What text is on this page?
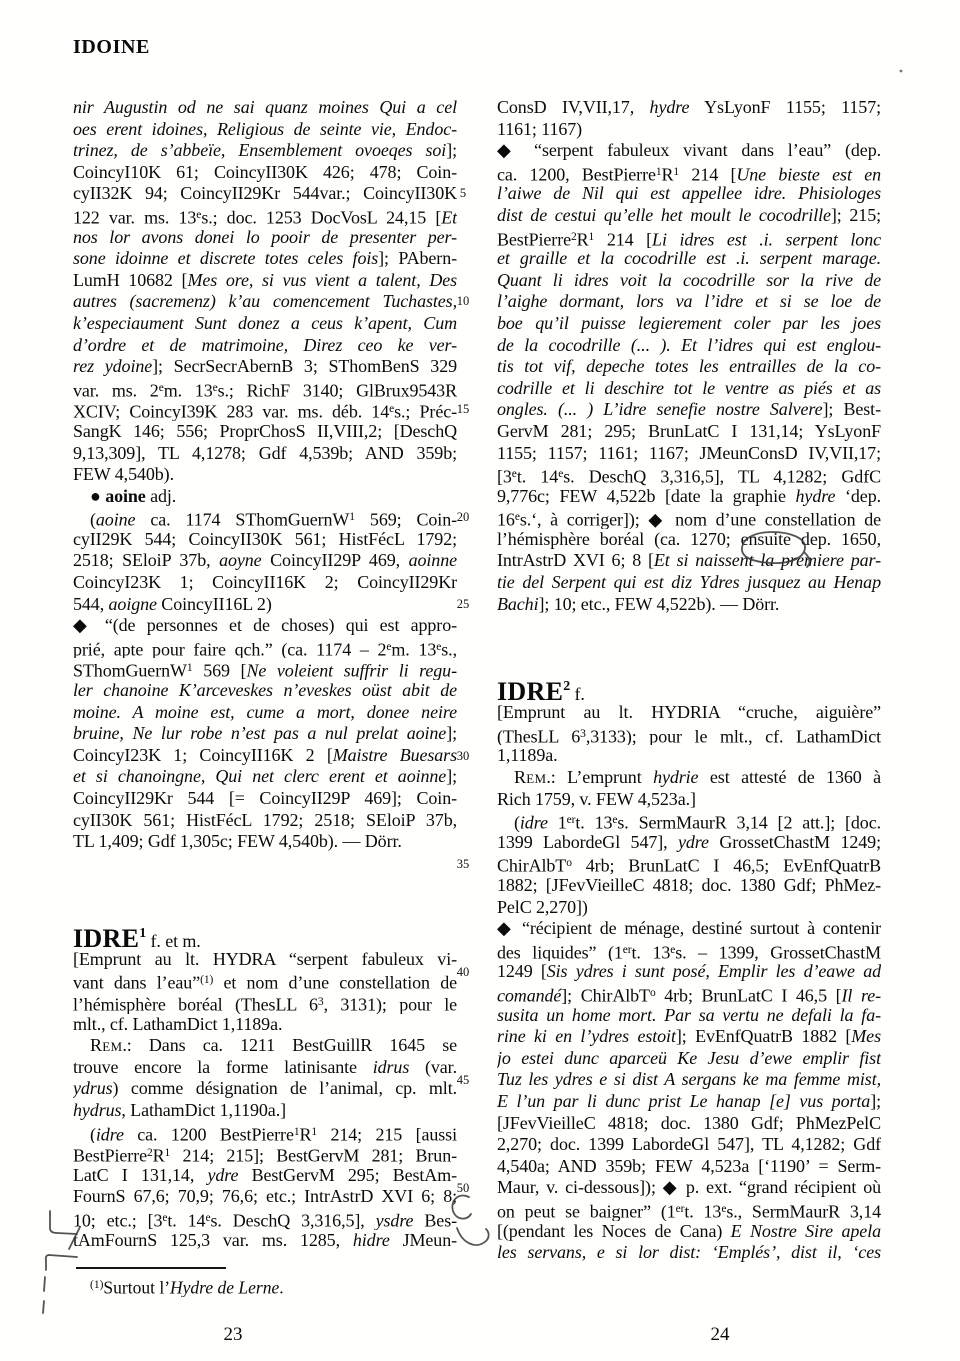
IDOINE
nir Augustin od ne sai quanz moines Qui a cel
oes erent idoines, Religious de seinte vie, Endoc-
trinez, de s’abbeïe, Ensemblement ovoeqes soi];
CoincyI10K 61; CoincyII30K 426; 478; Coin-
cyII32K 94; CoincyII29Kr 544var.; CoincyII30K
122 var. ms. 13es.; doc. 1253 DocVosL 24,15 [Et
nos lor avons donei lo pooir de presenter per-
sone idoinne et discrete totes celes fois]; PAbern-
LumH 10682 [Mes ore, si vus vient a talent, Des
autres (sacremenz) k’au comencement Tuchastes,
k’especiaument Sunt donez a ceus k’apent, Cum
d’ordre et de matrimoine, Direz ceo ke ver-
rez ydoine]; SecrSecrAbernB 3; SThomBenS 329
var. ms. 2em. 13es.; RichF 3140; GlBrux9543R
XCIV; CoincyI39K 283 var. ms. déb. 14es.; Préc-
SangK 146; 556; ProprChosS II,VIII,2; [DeschQ
9,13,309], TL 4,1278; Gdf 4,539b; AND 359b;
FEW 4,540b).
● aoine adj.
(aoine ca. 1174 SThomGuernW$^1$ 569; Coin-
cyII29K 544; CoincyII30K 561; HistFécL 1792;
2518; SEloiP 37b, aoyne CoincyII29P 469, aoinne
CoincyI23K 1; CoincyII16K 2; CoincyII29Kr
544, aoigne CoincyII16L 2)
◆ “(de personnes et de choses) qui est appro-
prié, apte pour faire qch.” (ca. 1174 – 2em. 13es.,
SThomGuernW$^1$ 569 [Ne voleient suffrir li regu-
ler chanoine K’arceveskes n’eveskes oüst abit de
moine. A moine est, cume a mort, donee neire
bruine, Ne lur robe n’est pas a nul prelat aoine];
CoincyI23K 1; CoincyII16K 2 [Maistre Buesars
et si chanoingne, Qui net clerc erent et aoinne];
CoincyII29Kr 544 [= CoincyII29P 469]; Coin-
cyII30K 561; HistFécL 1792; 2518; SEloiP 37b,
TL 1,409; Gdf 1,305c; FEW 4,540b). — Dörr.
IDRE$^1$ f. et m.
[Emprunt au lt. HYDRA “serpent fabuleux vi-
vant dans l’eau”$^{(1)}$ et nom d’une constellation de
l’hémisphère boréal (ThesLL $6^3$, 3131); pour le
mlt., cf. LathamDict 1,1189a.
Rem.: Dans ca. 1211 BestGuillR 1645 se
trouve encore la forme latinisante idrus (var.
ydrus) comme désignation de l’animal, cp. mlt.
hydrus, LathamDict 1,1190a.]
(idre ca. 1200 $BestPierre^1R^1$ 214; 215 [aussi
$BestPierre^2R^1$ 214; 215]; BestGervM 281; Brun-
LatC I 131,14, ydre BestGervM 295; BestAm-
FournS 67,6; 70,9; 76,6; etc.; IntrAstrD XVI 6; 8;
10; etc.; [3et. 14es. DeschQ 3,316,5], ysdre Bes-
tAmFournS 125,3 var. ms. 1285, hidre JMeun-
ConsD IV,VII,17, hydre YsLyonF 1155; 1157;
1161; 1167)
◆ “serpent fabuleux vivant dans l’eau” (dep.
ca. 1200, $BestPierre^1R^1$ 214 [Une bieste est en
l’aiwe de Nil qui est appellee idre. Phisiologes
dist de cestui qu’elle het moult le cocodrille]; 215;
$BestPierre^2R^1$ 214 [Li idres est .i. serpent lonc
et graille et la cocodrille est .i. serpent marage.
Quant li idres voit la cocodrille sor la rive de
l’aighe dormant, lors va l’idre et si se loe de
boe qu’il puisse legierement coler par les joes
de la cocodrille (... ). Et l’idres qui est englou-
tis tot vif, depeche totes les entrailles de la co-
codrille et li deschire tot le ventre as piés et as
ongles. (... ) L’idre senefie nostre Salvere]; Best-
GervM 281; 295; BrunLatC I 131,14; YsLyonF
1155; 1157; 1161; 1167; JMeunConsD IV,VII,17;
[3et. 14es. DeschQ 3,316,5], TL 4,1282; GdfC
9,776c; FEW 4,522b [date la graphie hydre ‘dep.
16es.‘, à corriger]); ◆ nom d’une constellation de
l’hémisphère boréal (ca. 1270; ensuite dep. 1650,
IntrAstrD XVI 6; 8 [Et si naissent la premiere par-
tie del Serpent qui est diz Ydres jusquez au Henap
Bachi]; 10; etc., FEW 4,522b). — Dörr.
IDRE$^2$ f.
[Emprunt au lt. HYDRIA “cruche, aiguière”
(ThesLL $6^3,3133$); pour le mlt., cf. LathamDict
1,1189a.
Rem.: L’emprunt hydrie est attesté de 1360 à
Rich 1759, v. FEW 4,523a.]
(idre 1ert. 13es. SermMaurR 3,14 [2 att.]; [doc.
1399 LabordeGl 547], ydre GrossetChastM 1249;
ChirAlbT$^o$ 4rb; BrunLatC I 46,5; EvEnfQuatrB
1882; [JFevVieilleC 4818; doc. 1380 Gdf; PhMez-
PelC 2,270])
◆ “récipient de ménage, destiné surtout à contenir
des liquides” (1ert. 13es. – 1399, GrossetChastM
1249 [Sis ydres i sunt posé, Emplir les d’eawe ad
comandé]; ChirAlbT$^o$ 4rb; BrunLatC I 46,5 [Il re-
susita un home mort. Par sa vertu ne defali la fa-
rine ki en l’ydres estoit]; EvEnfQuatrB 1882 [Mes
jo estei dunc aparceü Ke Jesu d’ewe emplir fist
Tuz les ydres e si dist A sergans ke ma femme mist,
E l’un par li dunc prist Le hanap [e] vus porta];
[JFevVieilleC 4818; doc. 1380 Gdf; PhMezPelC
2,270; doc. 1399 LabordeGl 547], TL 4,1282; Gdf
4,540a; AND 359b; FEW 4,523a [‘1190’ = Serm-
Maur, v. ci-dessous]); ◆ p. ext. “grand récipient où
on peut se baigner” (1ert. 13es., SermMaurR 3,14
[(pendant les Noces de Cana) E Nostre Sire apela
les servans, e si lor dist: ‘Emplés’, dist il, ‘ces
5
10
15
20
25
30
35
40
45
50
$^{(1)}$Surtout l’Hydre de Lerne.
23	24
